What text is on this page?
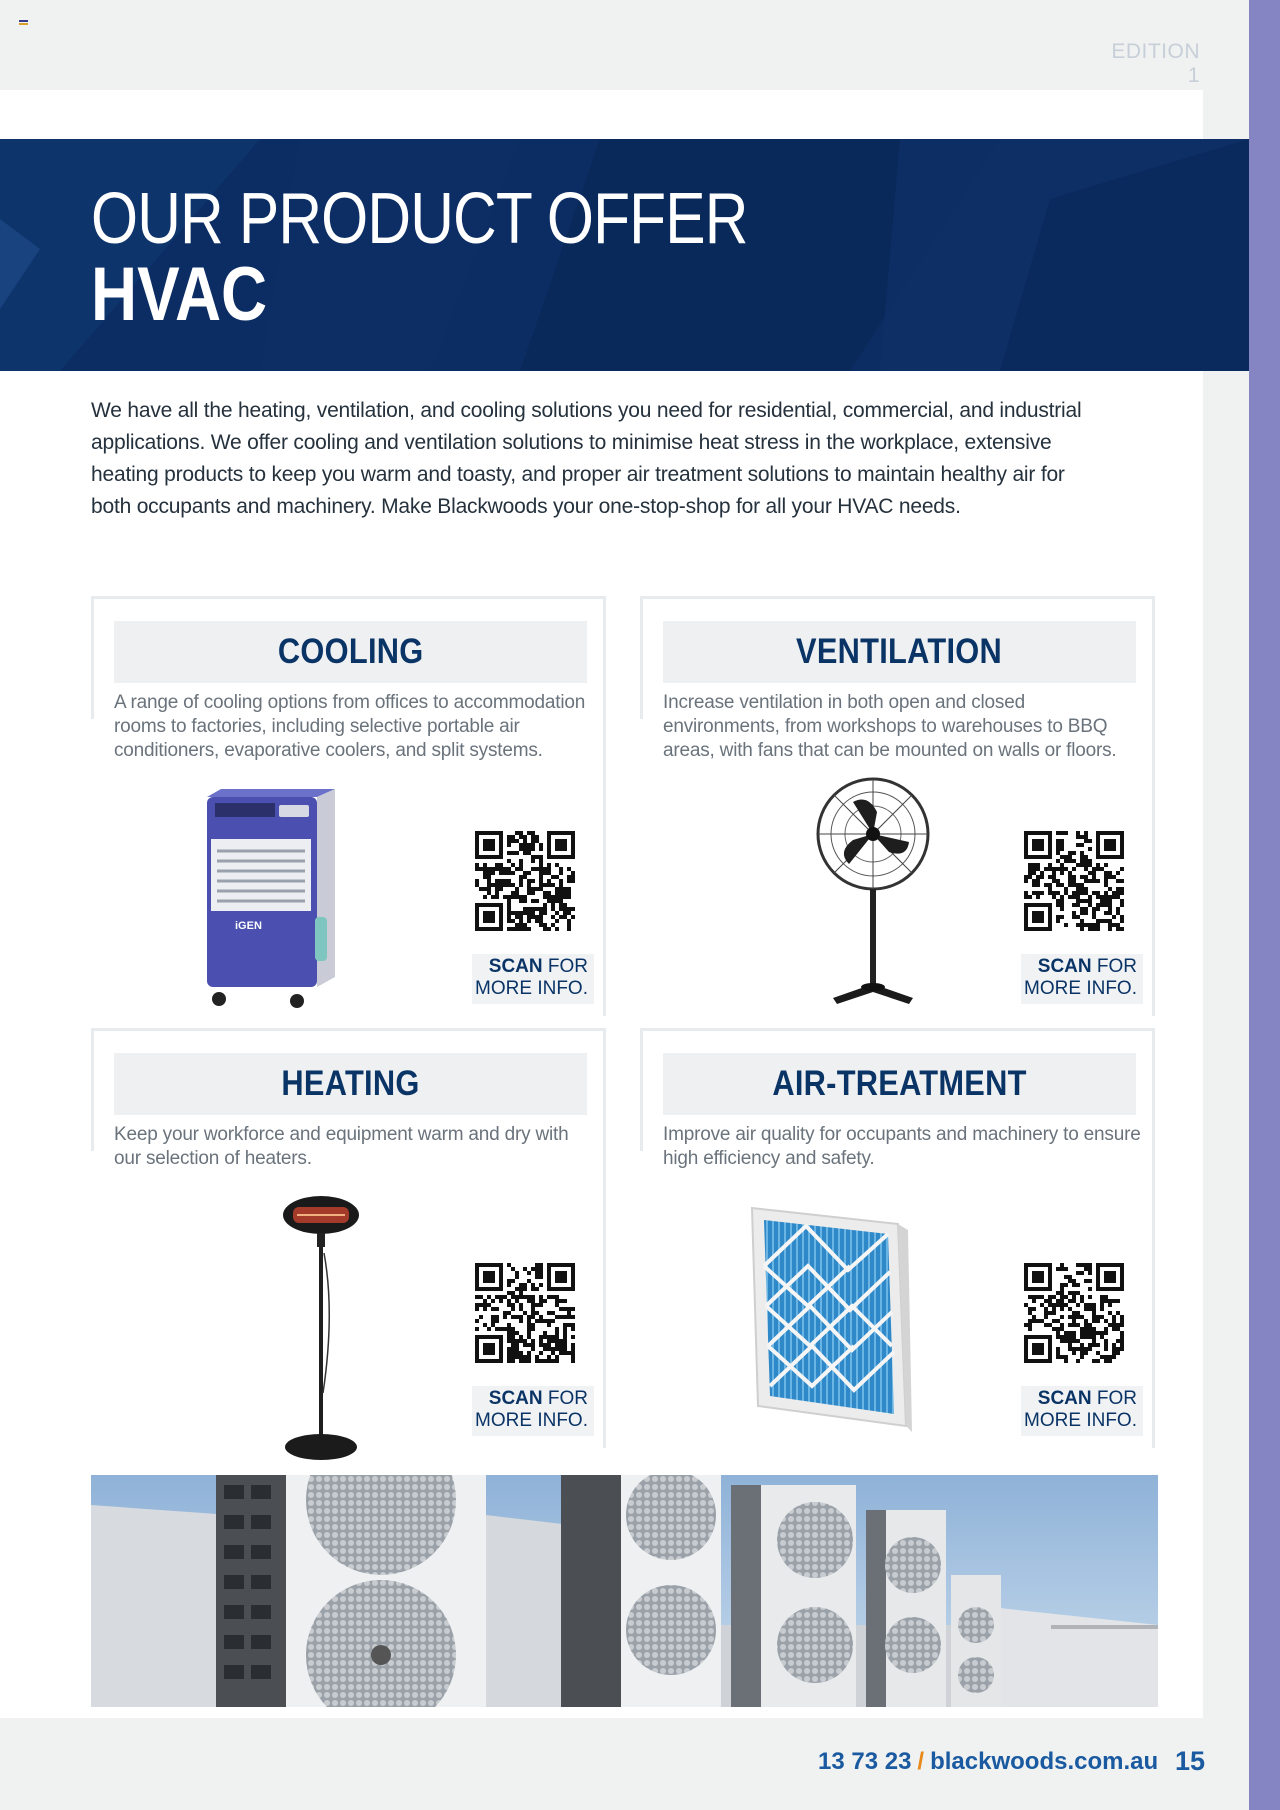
EDITION 1
OUR PRODUCT OFFER
HVAC

We have all the heating, ventilation, and cooling solutions you need for residential, commercial, and industrial applications. We offer cooling and ventilation solutions to minimise heat stress in the workplace, extensive heating products to keep you warm and toasty, and proper air treatment solutions to maintain healthy air for both occupants and machinery. Make Blackwoods your one-stop-shop for all your HVAC needs.

COOLING
A range of cooling options from offices to accommodation rooms to factories, including selective portable air conditioners, evaporative coolers, and split systems.
iGEN
SCAN FOR
MORE INFO.
VENTILATION
Increase ventilation in both open and closed environments, from workshops to warehouses to BBQ areas, with fans that can be mounted on walls or floors.
SCAN FOR
MORE INFO.
HEATING
Keep your workforce and equipment warm and dry with our selection of heaters.
SCAN FOR
MORE INFO.
AIR-TREATMENT
Improve air quality for occupants and machinery to ensure high efficiency and safety.
SCAN FOR
MORE INFO.
13 73 23 / blackwoods.com.au 15
